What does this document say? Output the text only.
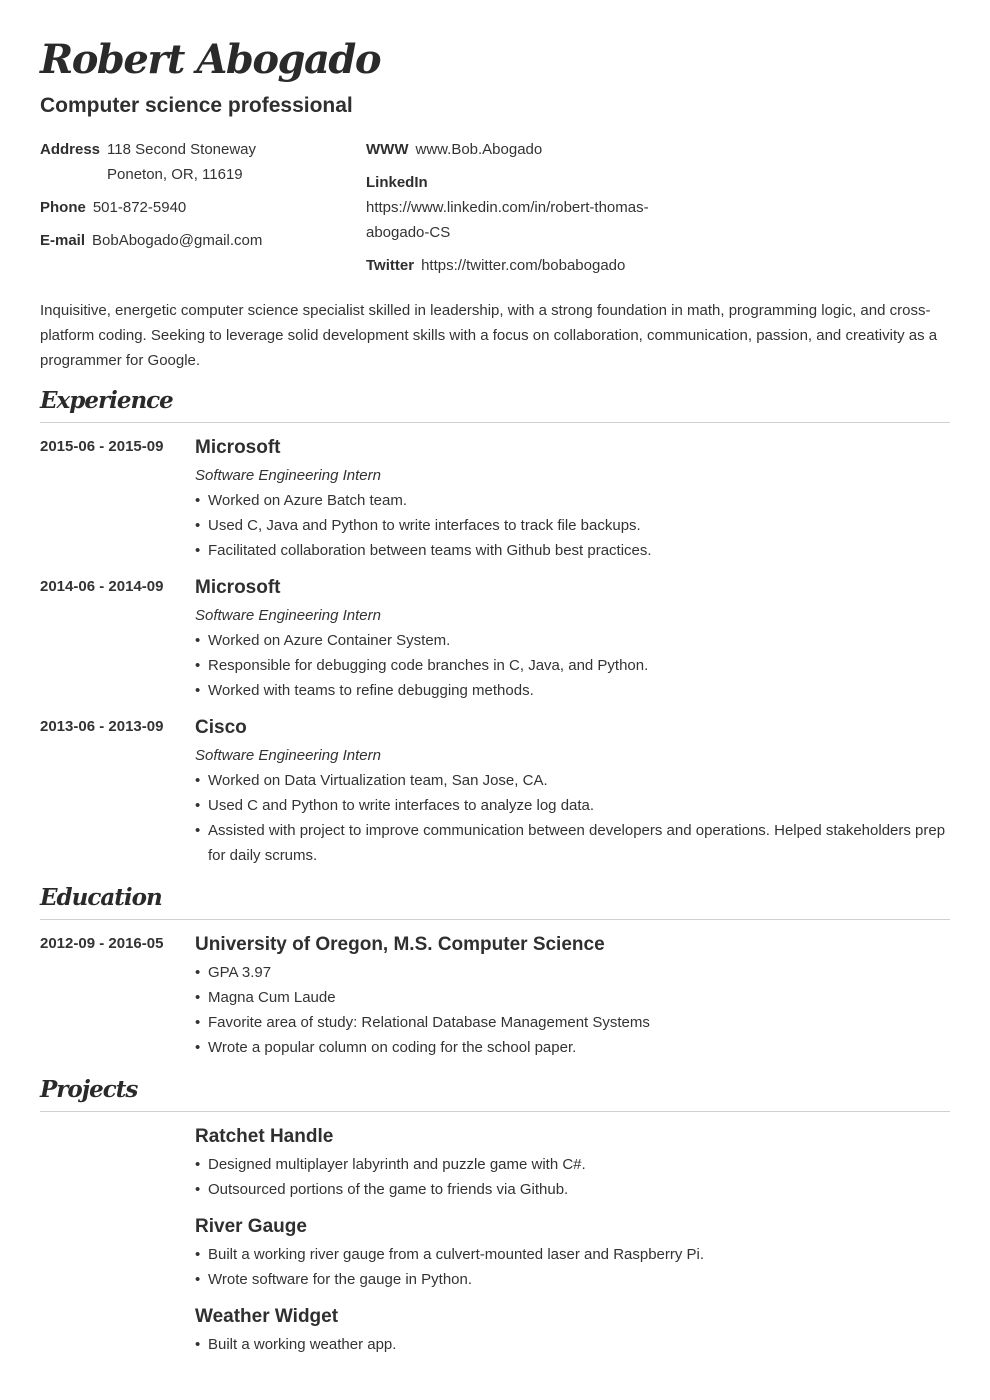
Robert Abogado
Computer science professional
Address 118 Second Stoneway
Poneton, OR, 11619
Phone 501-872-5940
E-mail BobAbogado@gmail.com
WWW www.Bob.Abogado
LinkedIn
https://www.linkedin.com/in/robert-thomas-
abogado-CS
Twitter https://twitter.com/bobabogado
Inquisitive, energetic computer science specialist skilled in leadership, with a strong foundation in math, programming logic, and cross-platform coding. Seeking to leverage solid development skills with a focus on collaboration, communication, passion, and creativity as a programmer for Google.
Experience
2015-06 - 2015-09	Microsoft
Software Engineering Intern
• Worked on Azure Batch team.
• Used C, Java and Python to write interfaces to track file backups.
• Facilitated collaboration between teams with Github best practices.
2014-06 - 2014-09	Microsoft
Software Engineering Intern
• Worked on Azure Container System.
• Responsible for debugging code branches in C, Java, and Python.
• Worked with teams to refine debugging methods.
2013-06 - 2013-09	Cisco
Software Engineering Intern
• Worked on Data Virtualization team, San Jose, CA.
• Used C and Python to write interfaces to analyze log data.
• Assisted with project to improve communication between developers and operations. Helped stakeholders prep for daily scrums.
Education
2012-09 - 2016-05	University of Oregon, M.S. Computer Science
• GPA 3.97
• Magna Cum Laude
• Favorite area of study: Relational Database Management Systems
• Wrote a popular column on coding for the school paper.
Projects
Ratchet Handle
• Designed multiplayer labyrinth and puzzle game with C#.
• Outsourced portions of the game to friends via Github.
River Gauge
• Built a working river gauge from a culvert-mounted laser and Raspberry Pi.
• Wrote software for the gauge in Python.
Weather Widget
• Built a working weather app.
